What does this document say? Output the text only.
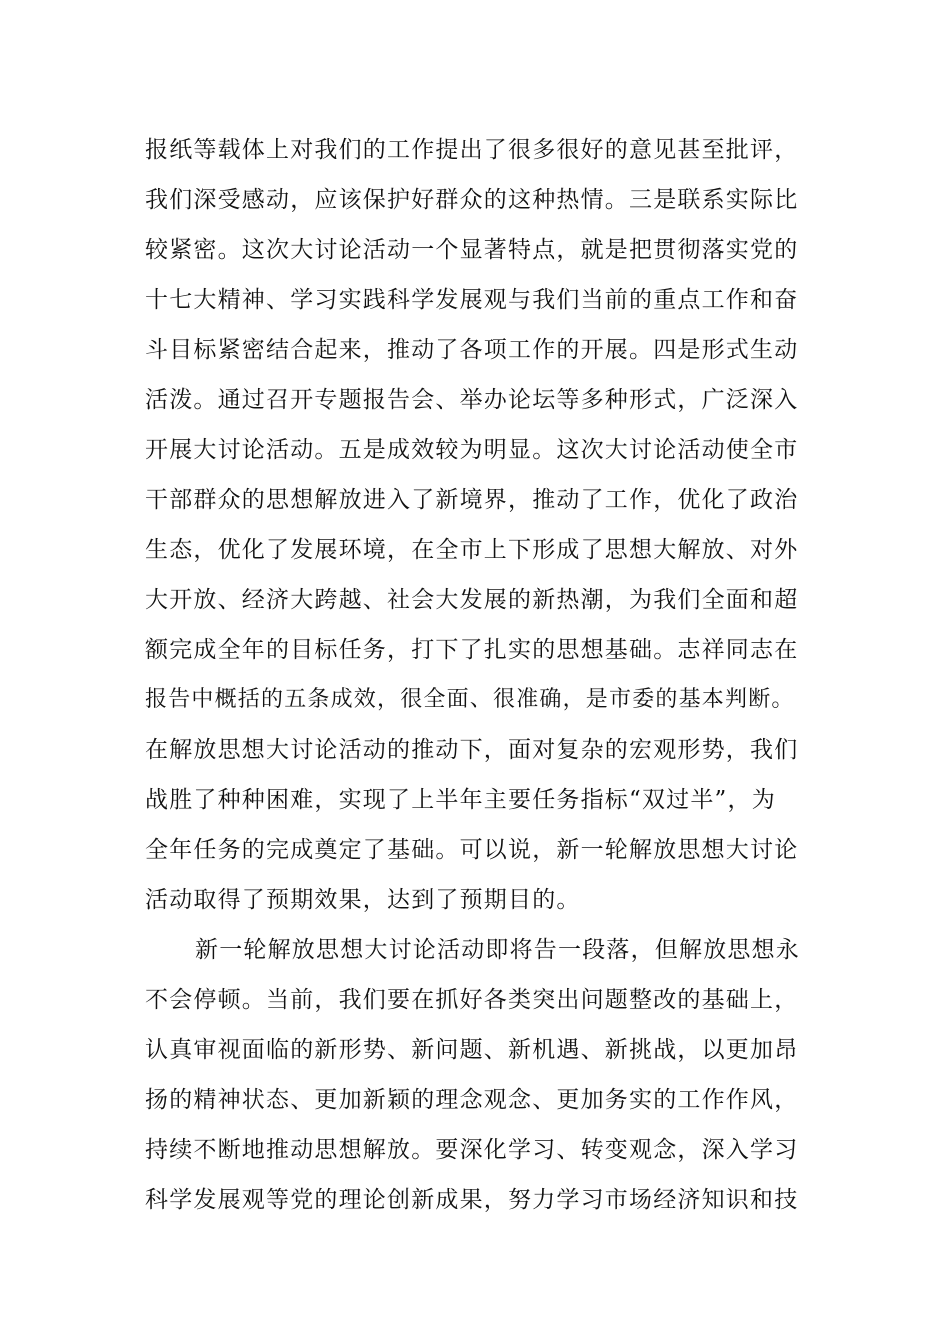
报纸等载体上对我们的工作提出了很多很好的意见甚至批评，
我们深受感动，应该保护好群众的这种热情。三是联系实际比
较紧密。这次大讨论活动一个显著特点，就是把贯彻落实党的
十七大精神、学习实践科学发展观与我们当前的重点工作和奋
斗目标紧密结合起来，推动了各项工作的开展。四是形式生动
活泼。通过召开专题报告会、举办论坛等多种形式，广泛深入
开展大讨论活动。五是成效较为明显。这次大讨论活动使全市
干部群众的思想解放进入了新境界，推动了工作，优化了政治
生态，优化了发展环境，在全市上下形成了思想大解放、对外
大开放、经济大跨越、社会大发展的新热潮，为我们全面和超
额完成全年的目标任务，打下了扎实的思想基础。志祥同志在
报告中概括的五条成效，很全面、很准确，是市委的基本判断。
在解放思想大讨论活动的推动下，面对复杂的宏观形势，我们
战胜了种种困难，实现了上半年主要任务指标“双过半”，为
全年任务的完成奠定了基础。可以说，新一轮解放思想大讨论
活动取得了预期效果，达到了预期目的。
新一轮解放思想大讨论活动即将告一段落，但解放思想永
不会停顿。当前，我们要在抓好各类突出问题整改的基础上，
认真审视面临的新形势、新问题、新机遇、新挑战，以更加昂
扬的精神状态、更加新颖的理念观念、更加务实的工作作风，
持续不断地推动思想解放。要深化学习、转变观念，深入学习
科学发展观等党的理论创新成果，努力学习市场经济知识和技
